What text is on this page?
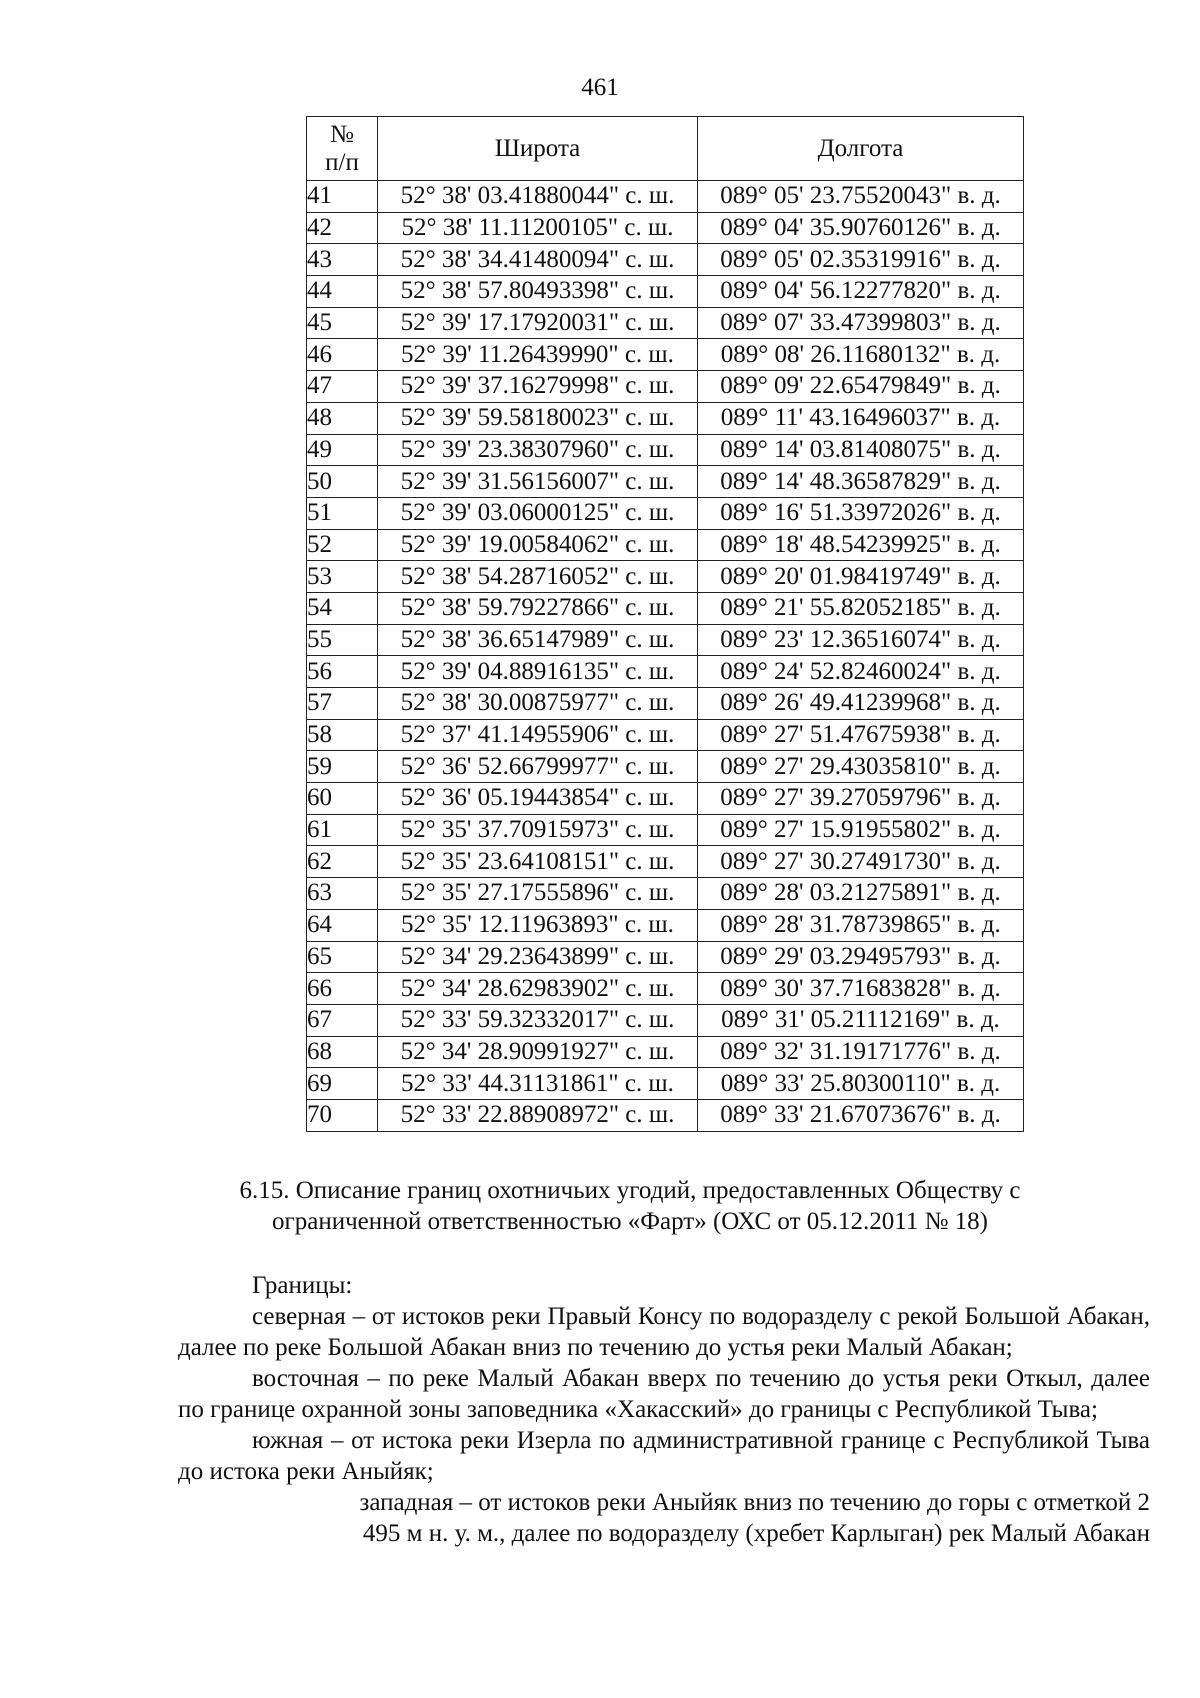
461
№
п/п	Широта	Долгота
41	52° 38' 03.41880044" с. ш.	089° 05' 23.75520043" в. д.
42	52° 38' 11.11200105" с. ш.	089° 04' 35.90760126" в. д.
43	52° 38' 34.41480094" с. ш.	089° 05' 02.35319916" в. д.
44	52° 38' 57.80493398" с. ш.	089° 04' 56.12277820" в. д.
45	52° 39' 17.17920031" с. ш.	089° 07' 33.47399803" в. д.
46	52° 39' 11.26439990" с. ш.	089° 08' 26.11680132" в. д.
47	52° 39' 37.16279998" с. ш.	089° 09' 22.65479849" в. д.
48	52° 39' 59.58180023" с. ш.	089° 11' 43.16496037" в. д.
49	52° 39' 23.38307960" с. ш.	089° 14' 03.81408075" в. д.
50	52° 39' 31.56156007" с. ш.	089° 14' 48.36587829" в. д.
51	52° 39' 03.06000125" с. ш.	089° 16' 51.33972026" в. д.
52	52° 39' 19.00584062" с. ш.	089° 18' 48.54239925" в. д.
53	52° 38' 54.28716052" с. ш.	089° 20' 01.98419749" в. д.
54	52° 38' 59.79227866" с. ш.	089° 21' 55.82052185" в. д.
55	52° 38' 36.65147989" с. ш.	089° 23' 12.36516074" в. д.
56	52° 39' 04.88916135" с. ш.	089° 24' 52.82460024" в. д.
57	52° 38' 30.00875977" с. ш.	089° 26' 49.41239968" в. д.
58	52° 37' 41.14955906" с. ш.	089° 27' 51.47675938" в. д.
59	52° 36' 52.66799977" с. ш.	089° 27' 29.43035810" в. д.
60	52° 36' 05.19443854" с. ш.	089° 27' 39.27059796" в. д.
61	52° 35' 37.70915973" с. ш.	089° 27' 15.91955802" в. д.
62	52° 35' 23.64108151" с. ш.	089° 27' 30.27491730" в. д.
63	52° 35' 27.17555896" с. ш.	089° 28' 03.21275891" в. д.
64	52° 35' 12.11963893" с. ш.	089° 28' 31.78739865" в. д.
65	52° 34' 29.23643899" с. ш.	089° 29' 03.29495793" в. д.
66	52° 34' 28.62983902" с. ш.	089° 30' 37.71683828" в. д.
67	52° 33' 59.32332017" с. ш.	089° 31' 05.21112169" в. д.
68	52° 34' 28.90991927" с. ш.	089° 32' 31.19171776" в. д.
69	52° 33' 44.31131861" с. ш.	089° 33' 25.80300110" в. д.
70	52° 33' 22.88908972" с. ш.	089° 33' 21.67073676" в. д.
6.15. Описание границ охотничьих угодий, предоставленных Обществу с
ограниченной ответственностью «Фарт» (ОХС от 05.12.2011 № 18)

Границы:

северная – от истоков реки Правый Консу по водоразделу с рекой Большой Абакан, далее по реке Большой Абакан вниз по течению до устья реки Малый Абакан;

восточная – по реке Малый Абакан вверх по течению до устья реки Откыл, далее по границе охранной зоны заповедника «Хакасский» до границы с Республикой Тыва;

южная – от истока реки Изерла по административной границе с Республикой Тыва до истока реки Аныйяк;

западная – от истоков реки Аныйяк вниз по течению до горы с отметкой 2 495 м н. у. м., далее по водоразделу (хребет Карлыган) рек Малый Абакан
